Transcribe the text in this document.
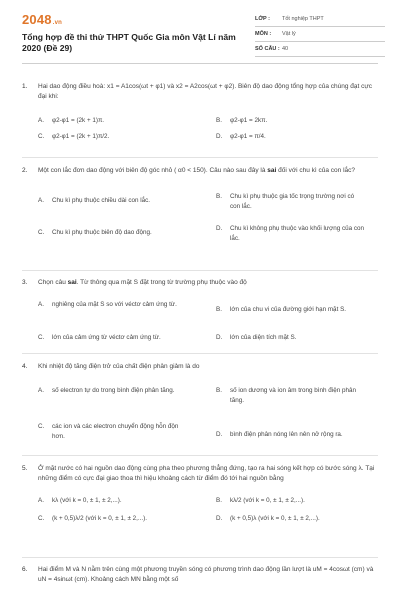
2048.vn
Tổng hợp đề thi thử THPT Quốc Gia môn Vật Lí năm 2020 (Đề 29)
LỚP :	Tốt nghiệp THPT
MÔN :	Vật lý
SỐ CÂU : 40
1.	Hai dao động điều hoà: x1 = A1cos(ωt + φ1) và x2 = A2cos(ωt + φ2). Biên độ dao động tổng hợp của chúng đạt cực đại khi:
A.	φ2-φ1 = (2k + 1)π.	B.	φ2-φ1 = 2kπ.
C.	φ2-φ1 = (2k + 1)π/2.	D.	φ2-φ1 = π/4.
2.	Một con lắc đơn dao động với biên độ góc nhỏ ( α0 < 150). Câu nào sau đây là sai đối với chu kì của con lắc?
A.	Chu kì phụ thuộc chiều dài con lắc.
B.	Chu kì phụ thuộc gia tốc trọng trường nơi có con lắc.
C.	Chu kì phụ thuộc biên độ dao động.
D.	Chu kì không phụ thuộc vào khối lượng của con lắc.
3.	Chọn câu sai. Từ thông qua mặt S đặt trong từ trường phụ thuộc vào độ
A.	nghiêng của mặt S so với véctơ cảm ứng từ.
B.	lớn của chu vi của đường giới hạn mặt S.
C.	lớn của cảm ứng từ véctơ cảm ứng từ.	D.	lớn của diện tích mặt S.
4.	Khi nhiệt độ tăng điện trở của chất điện phân giảm là do
A.	số electron tự do trong bình điện phân tăng.	B.	số ion dương và ion âm trong bình điện phân tăng.
C.	các ion và các electron chuyển động hỗn độn hơn.	D.	bình điện phân nóng lên nên nở rộng ra.
5.	Ở mặt nước có hai nguồn dao động cùng pha theo phương thẳng đứng, tạo ra hai sóng kết hợp có bước sóng λ. Tại những điểm có cực đại giao thoa thì hiệu khoảng cách từ điểm đó tới hai nguồn bằng
A.	kλ (với k = 0, ± 1, ± 2,...).	B.	kλ/2 (với k = 0, ± 1, ± 2,...).
C.	(k + 0,5)λ/2 (với k = 0, ± 1, ± 2,...).	D.	(k + 0,5)λ (với k = 0, ± 1, ± 2,...).
6.	Hai điểm M và N nằm trên cùng một phương truyền sóng có phương trình dao động lần lượt là uM = 4cosωt (cm) và uN = 4sinωt (cm). Khoảng cách MN bằng một số
